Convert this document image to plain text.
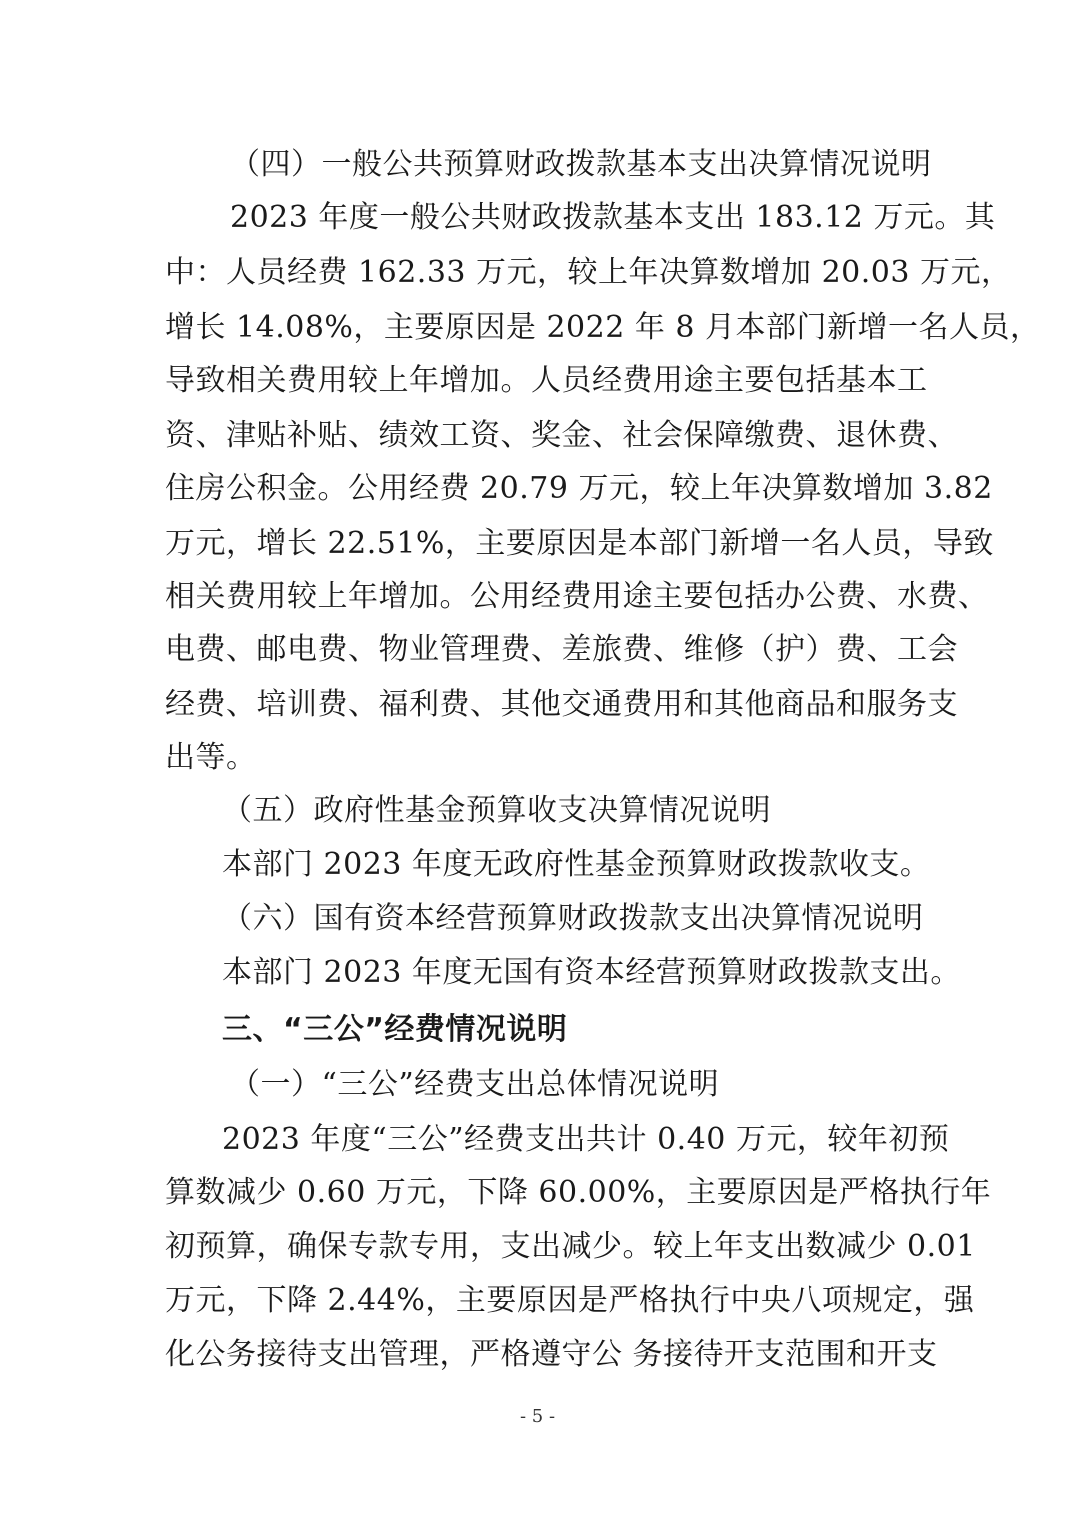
（四）一般公共预算财政拨款基本支出决算情况说明
2023 年度一般公共财政拨款基本支出 183.12 万元。其
中：人员经费 162.33 万元，较上年决算数增加 20.03 万元，
增长 14.08%，主要原因是 2022 年 8 月本部门新增一名人员，
导致相关费用较上年增加。人员经费用途主要包括基本工
资、津贴补贴、绩效工资、奖金、社会保障缴费、退休费、
住房公积金。公用经费 20.79 万元，较上年决算数增加 3.82
万元，增长 22.51%，主要原因是本部门新增一名人员，导致
相关费用较上年增加。公用经费用途主要包括办公费、水费、
电费、邮电费、物业管理费、差旅费、维修（护）费、工会
经费、培训费、福利费、其他交通费用和其他商品和服务支
出等。
（五）政府性基金预算收支决算情况说明
本部门 2023 年度无政府性基金预算财政拨款收支。
（六）国有资本经营预算财政拨款支出决算情况说明
本部门 2023 年度无国有资本经营预算财政拨款支出。
三、“三公”经费情况说明
（一）“三公”经费支出总体情况说明
2023 年度“三公”经费支出共计 0.40 万元，较年初预
算数减少 0.60 万元，下降 60.00%，主要原因是严格执行年
初预算，确保专款专用，支出减少。较上年支出数减少 0.01
万元，下降 2.44%，主要原因是严格执行中央八项规定，强
化公务接待支出管理，严格遵守公 务接待开支范围和开支
- 5 -
